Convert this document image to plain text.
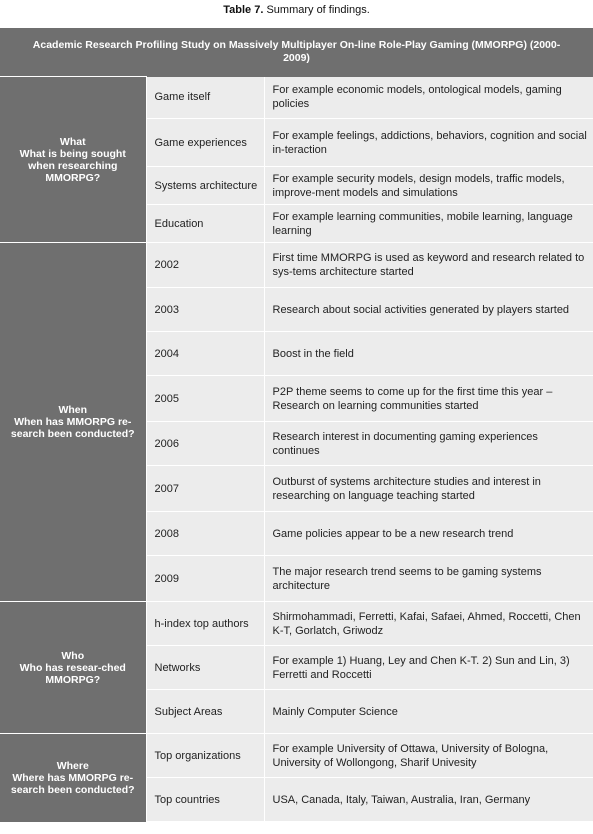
Table 7. Summary of findings.
Academic Research Profiling Study on Massively Multiplayer On-line Role-Play Gaming (MMORPG) (2000-2009)		
What
What is being sought when researching MMORPG?	Game itself	For example economic models, ontological models, gaming policies
	Game experiences	For example feelings, addictions, behaviors, cognition and social in-teraction
	Systems architecture	For example security models, design models, traffic models, improve-ment models and simulations
	Education	For example learning communities, mobile learning, language learning
When
When has MMORPG re-search been conducted?	2002	First time MMORPG is used as keyword and research related to sys-tems architecture started
	2003	Research about social activities generated by players started
	2004	Boost in the field
	2005	P2P theme seems to come up for the first time this year – Research on learning communities started
	2006	Research interest in documenting gaming experiences continues
	2007	Outburst of systems architecture studies and interest in researching on language teaching started
	2008	Game policies appear to be a new research trend
	2009	The major research trend seems to be gaming systems architecture
Who
Who has resear-ched MMORPG?	h-index top authors	Shirmohammadi, Ferretti, Kafai, Safaei, Ahmed, Roccetti, Chen K-T, Gorlatch, Griwodz
	Networks	For example 1) Huang, Ley and Chen K-T. 2) Sun and Lin, 3) Ferretti and Roccetti
	Subject Areas	Mainly Computer Science
Where
Where has MMORPG re-search been conducted?	Top organizations	For example University of Ottawa, University of Bologna, University of Wollongong, Sharif Univesity
	Top countries	USA, Canada, Italy, Taiwan, Australia, Iran, Germany
